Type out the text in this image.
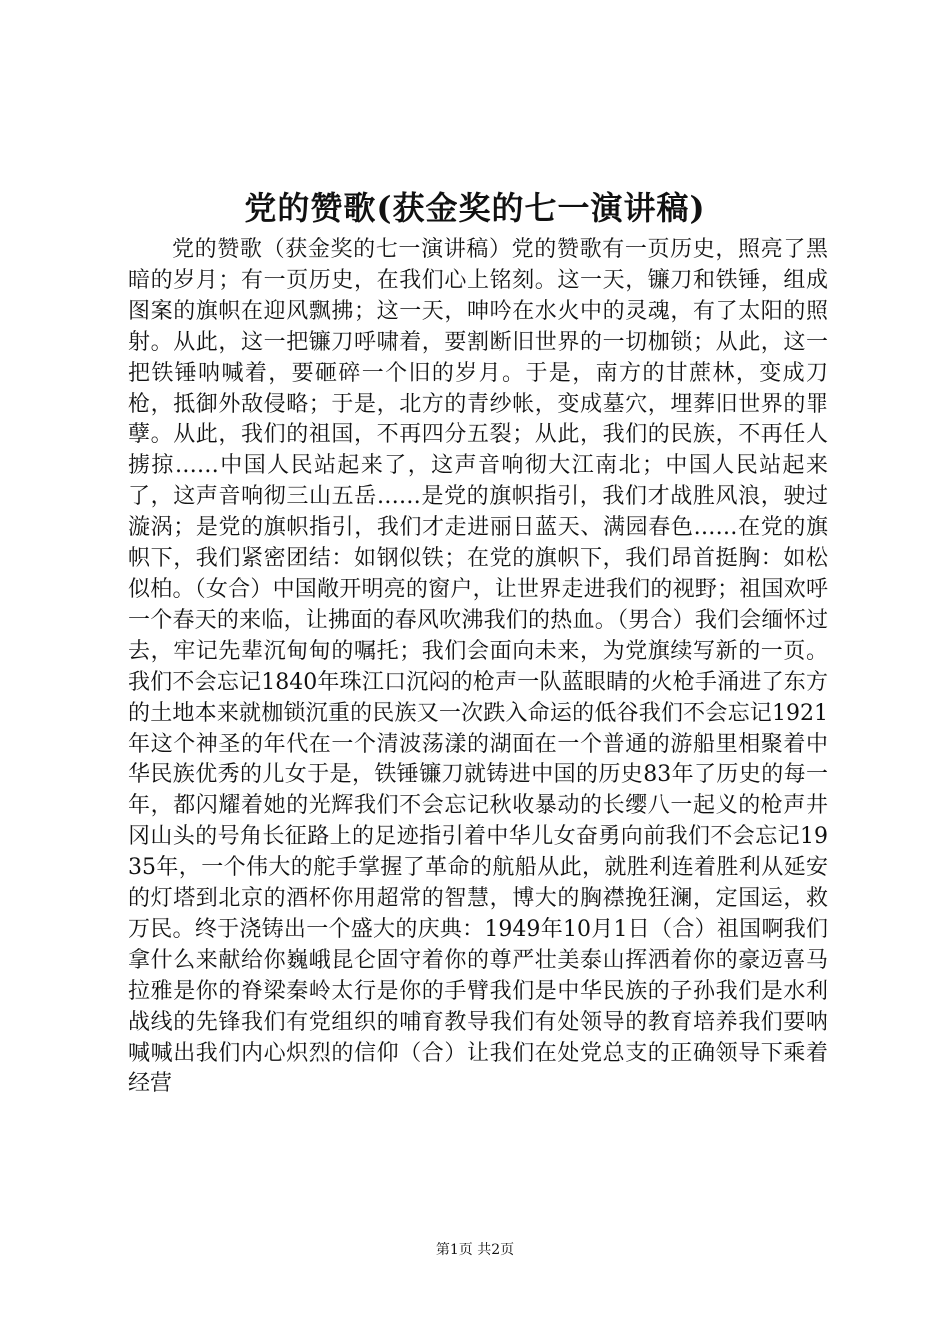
党的赞歌(获金奖的七一演讲稿)

党的赞歌（获金奖的七一演讲稿）党的赞歌有一页历史，照亮了黑暗的岁月；有一页历史，在我们心上铭刻。这一天，镰刀和铁锤，组成图案的旗帜在迎风飘拂；这一天，呻吟在水火中的灵魂，有了太阳的照射。从此，这一把镰刀呼啸着，要割断旧世界的一切枷锁；从此，这一把铁锤呐喊着，要砸碎一个旧的岁月。于是，南方的甘蔗林，变成刀枪，抵御外敌侵略；于是，北方的青纱帐，变成墓穴，埋葬旧世界的罪孽。从此，我们的祖国，不再四分五裂；从此，我们的民族，不再任人掳掠……中国人民站起来了，这声音响彻大江南北；中国人民站起来了，这声音响彻三山五岳……是党的旗帜指引，我们才战胜风浪，驶过漩涡；是党的旗帜指引，我们才走进丽日蓝天、满园春色……在党的旗帜下，我们紧密团结：如钢似铁；在党的旗帜下，我们昂首挺胸：如松似柏。（女合）中国敞开明亮的窗户，让世界走进我们的视野；祖国欢呼一个春天的来临，让拂面的春风吹沸我们的热血。（男合）我们会缅怀过去，牢记先辈沉甸甸的嘱托；我们会面向未来，为党旗续写新的一页。我们不会忘记1840年珠江口沉闷的枪声一队蓝眼睛的火枪手涌进了东方的土地本来就枷锁沉重的民族又一次跌入命运的低谷我们不会忘记1921年这个神圣的年代在一个清波荡漾的湖面在一个普通的游船里相聚着中华民族优秀的儿女于是，铁锤镰刀就铸进中国的历史83年了历史的每一年，都闪耀着她的光辉我们不会忘记秋收暴动的长缨八一起义的枪声井冈山头的号角长征路上的足迹指引着中华儿女奋勇向前我们不会忘记1935年，一个伟大的舵手掌握了革命的航船从此，就胜利连着胜利从延安的灯塔到北京的酒杯你用超常的智慧，博大的胸襟挽狂澜，定国运，救万民。终于浇铸出一个盛大的庆典：1949年10月1日（合）祖国啊我们拿什么来献给你巍峨昆仑固守着你的尊严壮美泰山挥洒着你的豪迈喜马拉雅是你的脊梁秦岭太行是你的手臂我们是中华民族的子孙我们是水利战线的先锋我们有党组织的哺育教导我们有处领导的教育培养我们要呐喊喊出我们内心炽烈的信仰（合）让我们在处党总支的正确领导下乘着经营

第1页 共2页
